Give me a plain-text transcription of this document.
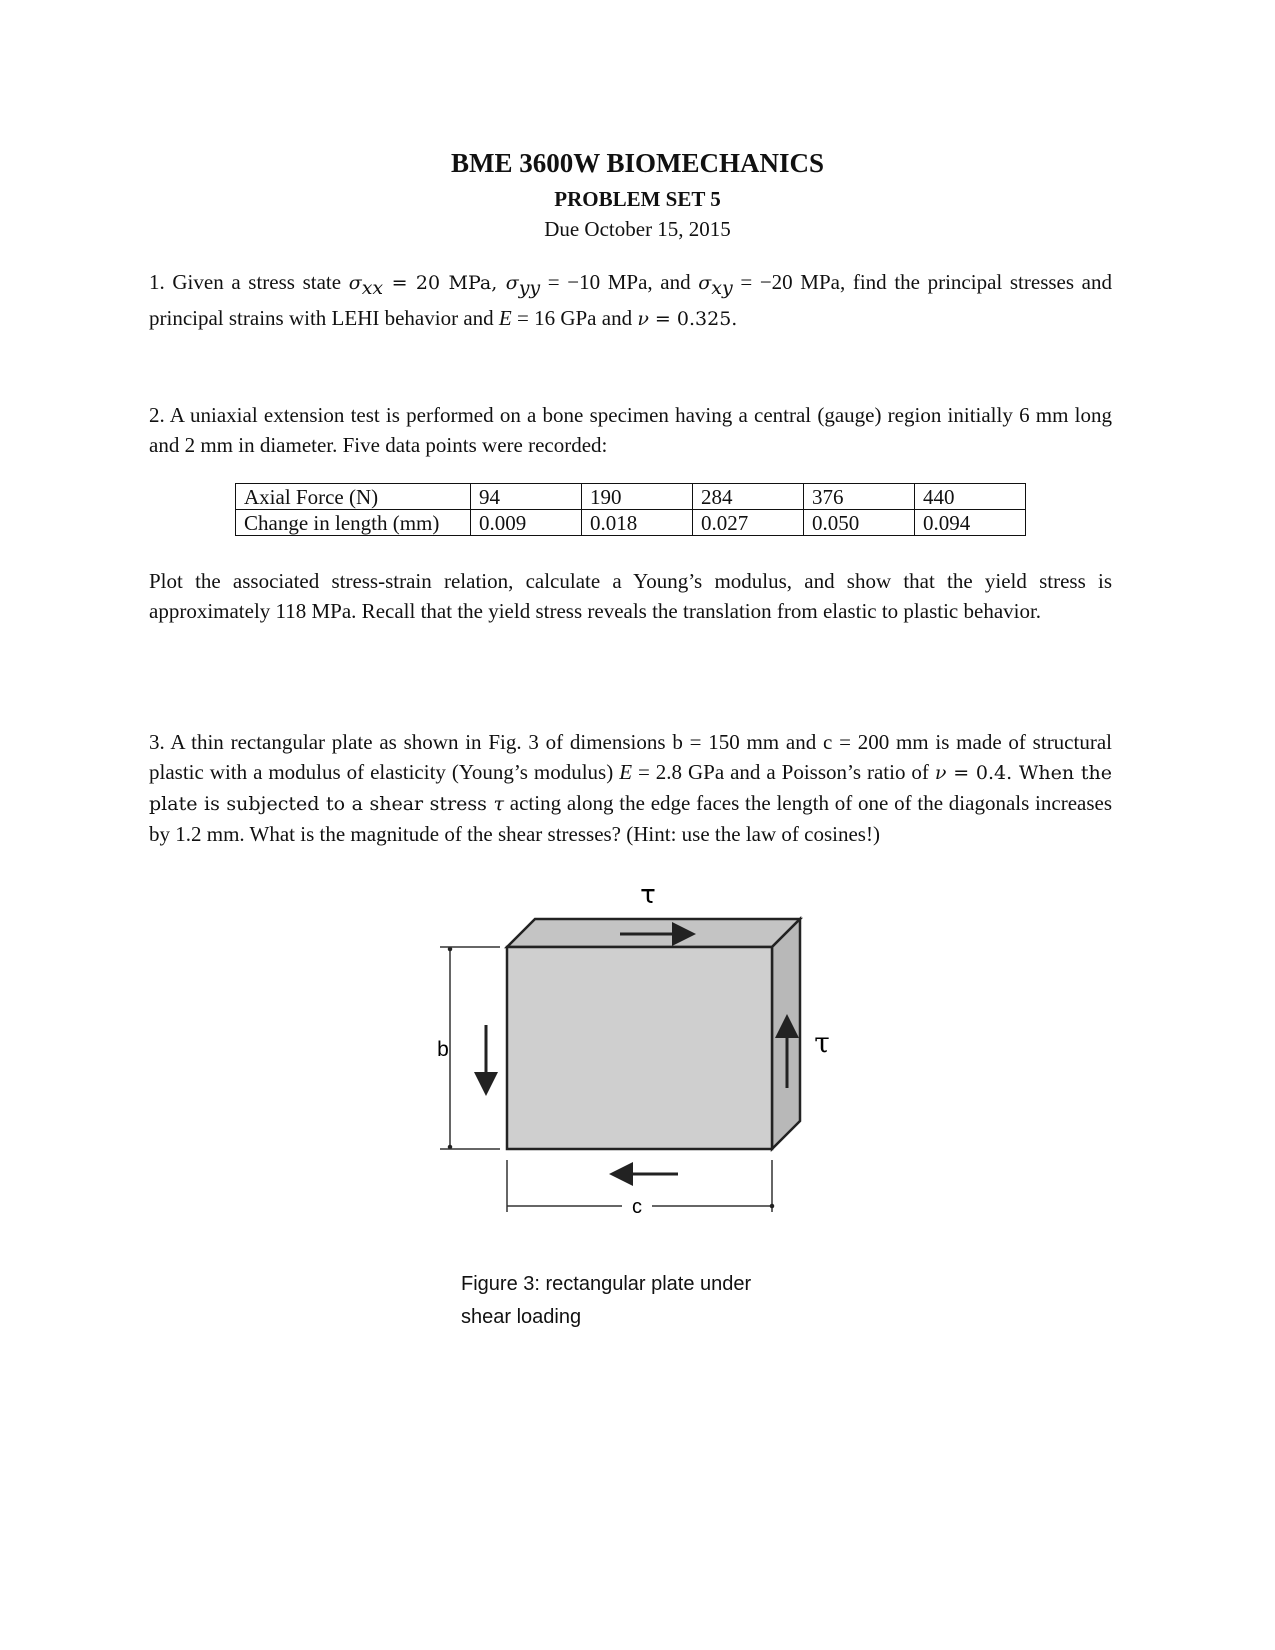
BME 3600W BIOMECHANICS
PROBLEM SET 5
Due October 15, 2015
1. Given a stress state $\sigma_{xx} = 20$ MPa, $\sigma_{yy} = -10$ MPa, and $\sigma_{xy} = -20$ MPa, find the principal stresses and principal strains with LEHI behavior and E = 16 GPa and ν = 0.325.
2. A uniaxial extension test is performed on a bone specimen having a central (gauge) region initially 6 mm long and 2 mm in diameter. Five data points were recorded:
Axial Force (N)	94	190	284	376	440
Change in length (mm)	0.009	0.018	0.027	0.050	0.094
Plot the associated stress-strain relation, calculate a Young’s modulus, and show that the yield stress is approximately 118 MPa. Recall that the yield stress reveals the translation from elastic to plastic behavior.
3. A thin rectangular plate as shown in Fig. 3 of dimensions b = 150 mm and c = 200 mm is made of structural plastic with a modulus of elasticity (Young’s modulus) E = 2.8 GPa and a Poisson’s ratio of ν = 0.4. When the plate is subjected to a shear stress τ acting along the edge faces the length of one of the diagonals increases by 1.2 mm. What is the magnitude of the shear stresses? (Hint: use the law of cosines!)
τ
τ
b
c
Figure 3: rectangular plate under
shear loading
